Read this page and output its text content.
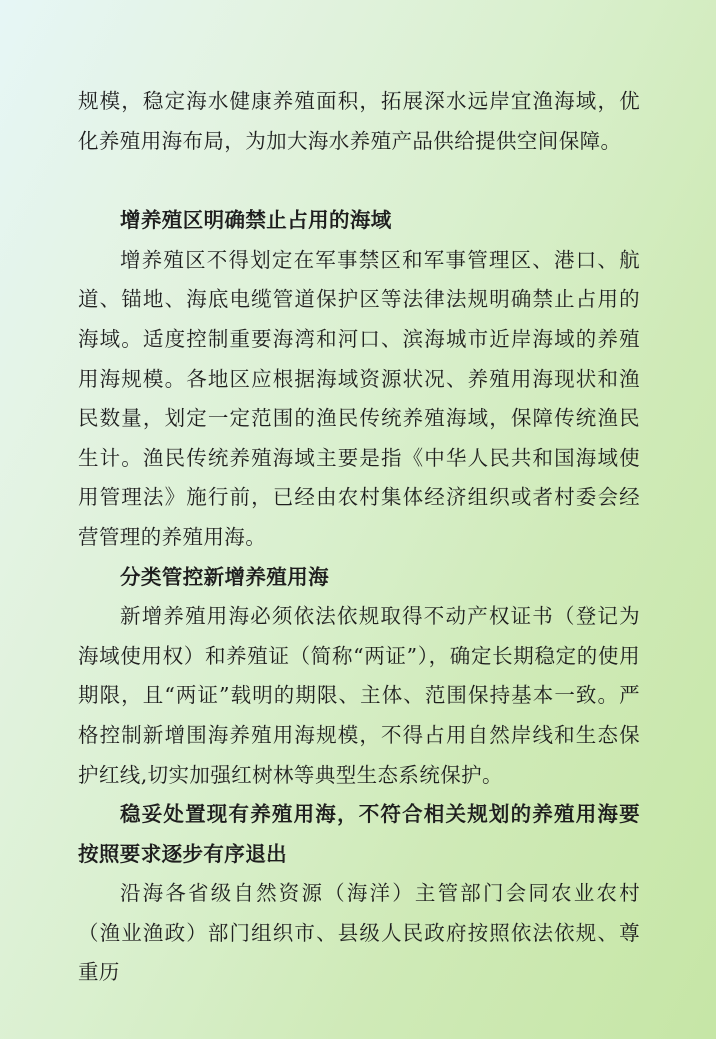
规模，稳定海水健康养殖面积，拓展深水远岸宜渔海域，优化养殖用海布局，为加大海水养殖产品供给提供空间保障。

增养殖区明确禁止占用的海域

增养殖区不得划定在军事禁区和军事管理区、港口、航道、锚地、海底电缆管道保护区等法律法规明确禁止占用的海域。适度控制重要海湾和河口、滨海城市近岸海域的养殖用海规模。各地区应根据海域资源状况、养殖用海现状和渔民数量，划定一定范围的渔民传统养殖海域，保障传统渔民生计。渔民传统养殖海域主要是指《中华人民共和国海域使用管理法》施行前，已经由农村集体经济组织或者村委会经营管理的养殖用海。

分类管控新增养殖用海

新增养殖用海必须依法依规取得不动产权证书（登记为海域使用权）和养殖证（简称“两证”），确定长期稳定的使用期限，且“两证”载明的期限、主体、范围保持基本一致。严格控制新增围海养殖用海规模，不得占用自然岸线和生态保护红线,切实加强红树林等典型生态系统保护。

稳妥处置现有养殖用海，不符合相关规划的养殖用海要按照要求逐步有序退出

沿海各省级自然资源（海洋）主管部门会同农业农村（渔业渔政）部门组织市、县级人民政府按照依法依规、尊重历
